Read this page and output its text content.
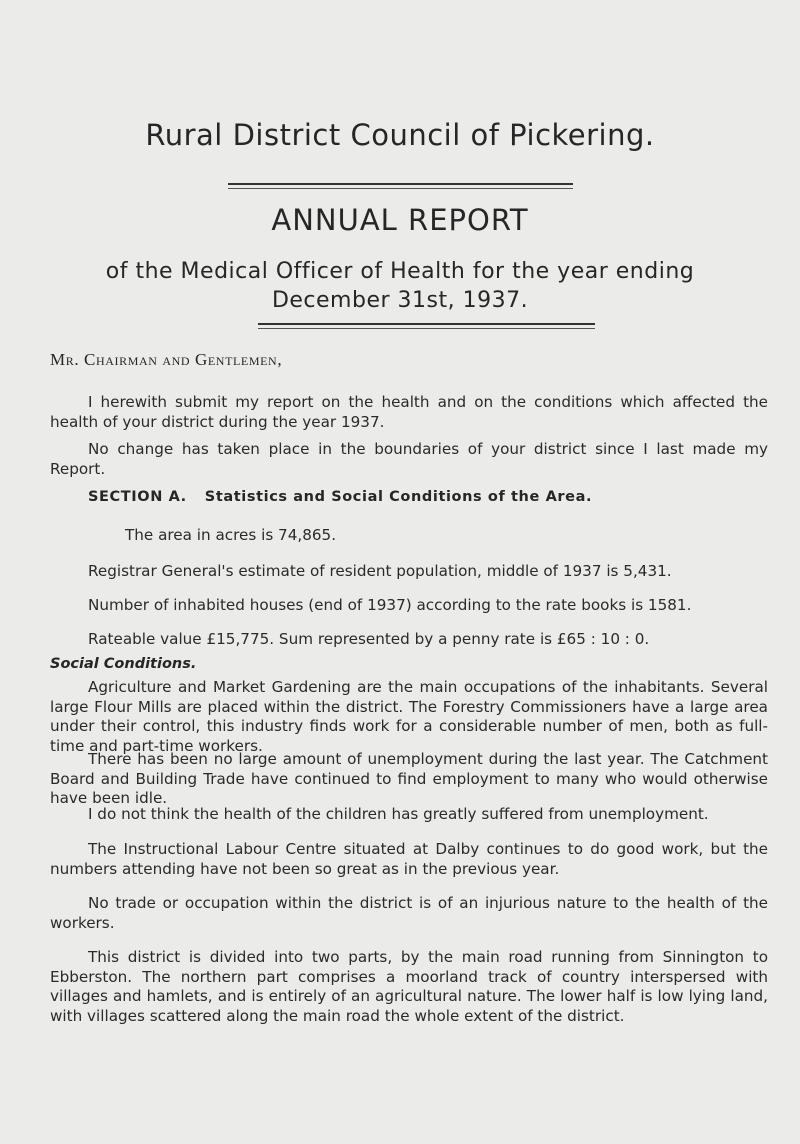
Rural District Council of Pickering.
ANNUAL REPORT
of the Medical Officer of Health for the year ending
December 31st, 1937.
Mr. Chairman and Gentlemen,
I herewith submit my report on the health and on the conditions which affected the health of your district during the year 1937.
No change has taken place in the boundaries of your district since I last made my Report.
SECTION A. Statistics and Social Conditions of the Area.
The area in acres is 74,865.
Registrar General's estimate of resident population, middle of 1937 is 5,431.
Number of inhabited houses (end of 1937) according to the rate books is 1581.
Rateable value £15,775. Sum represented by a penny rate is £65 : 10 : 0.
Social Conditions.
Agriculture and Market Gardening are the main occupations of the inhabitants. Several large Flour Mills are placed within the district. The Forestry Commissioners have a large area under their control, this industry finds work for a considerable number of men, both as full-time and part-time workers.
There has been no large amount of unemployment during the last year. The Catchment Board and Building Trade have continued to find employment to many who would otherwise have been idle.
I do not think the health of the children has greatly suffered from unemployment.
The Instructional Labour Centre situated at Dalby continues to do good work, but the numbers attending have not been so great as in the previous year.
No trade or occupation within the district is of an injurious nature to the health of the workers.
This district is divided into two parts, by the main road running from Sinnington to Ebberston. The northern part comprises a moorland track of country interspersed with villages and hamlets, and is entirely of an agricultural nature. The lower half is low lying land, with villages scattered along the main road the whole extent of the district.
